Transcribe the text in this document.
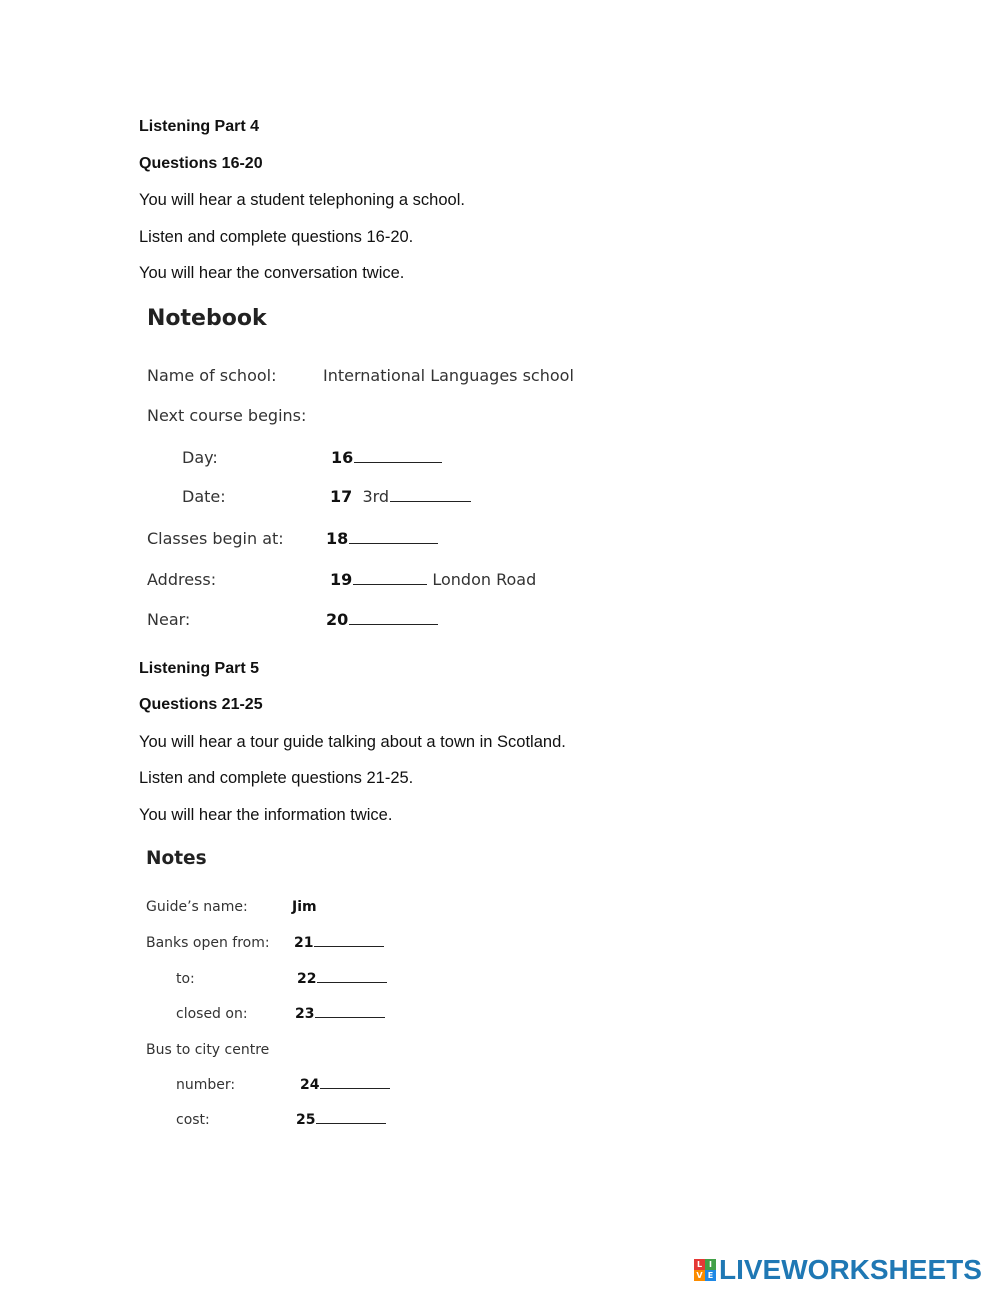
Listening Part 4
Questions 16-20
You will hear a student telephoning a school.
Listen and complete questions 16-20.
You will hear the conversation twice.
Notebook
Name of school:	International Languages school
Next course begins:
Day:	16
Date:	17 3rd
Classes begin at:	18
Address:	19	London Road
Near:	20
Listening Part 5
Questions 21-25
You will hear a tour guide talking about a town in Scotland.
Listen and complete questions 21-25.
You will hear the information twice.
Notes
Guide’s name:	Jim
Banks open from: 21
to:	22
closed on:	23
Bus to city centre
number:	24
cost:	25
L I
V E LIVEWORKSHEETS
